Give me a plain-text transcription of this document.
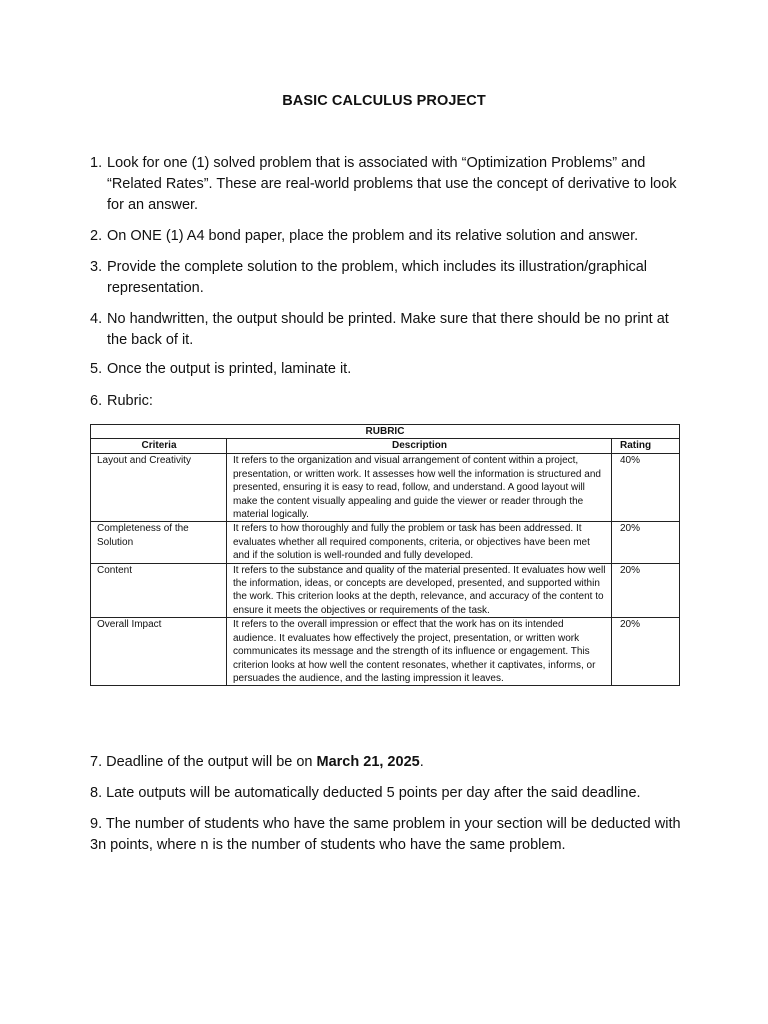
BASIC CALCULUS PROJECT
1. Look for one (1) solved problem that is associated with “Optimization Problems” and “Related Rates”. These are real-world problems that use the concept of derivative to look for an answer.
2. On ONE (1) A4 bond paper, place the problem and its relative solution and answer.
3. Provide the complete solution to the problem, which includes its illustration/graphical representation.
4. No handwritten, the output should be printed. Make sure that there should be no print at the back of it.
5. Once the output is printed, laminate it.
6. Rubric:
RUBRIC		
Criteria	Description	Rating
Layout and Creativity	It refers to the organization and visual arrangement of content within a project, presentation, or written work. It assesses how well the information is structured and presented, ensuring it is easy to read, follow, and understand. A good layout will make the content visually appealing and guide the viewer or reader through the material logically.	40%
Completeness of the Solution	It refers to how thoroughly and fully the problem or task has been addressed. It evaluates whether all required components, criteria, or objectives have been met and if the solution is well-rounded and fully developed.	20%
Content	It refers to the substance and quality of the material presented. It evaluates how well the information, ideas, or concepts are developed, presented, and supported within the work. This criterion looks at the depth, relevance, and accuracy of the content to ensure it meets the objectives or requirements of the task.	20%
Overall Impact	It refers to the overall impression or effect that the work has on its intended audience. It evaluates how effectively the project, presentation, or written work communicates its message and the strength of its influence or engagement. This criterion looks at how well the content resonates, whether it captivates, informs, or persuades the audience, and the lasting impression it leaves.	20%
7. Deadline of the output will be on March 21, 2025.
8. Late outputs will be automatically deducted 5 points per day after the said deadline.
9. The number of students who have the same problem in your section will be deducted with 3n points, where n is the number of students who have the same problem.
